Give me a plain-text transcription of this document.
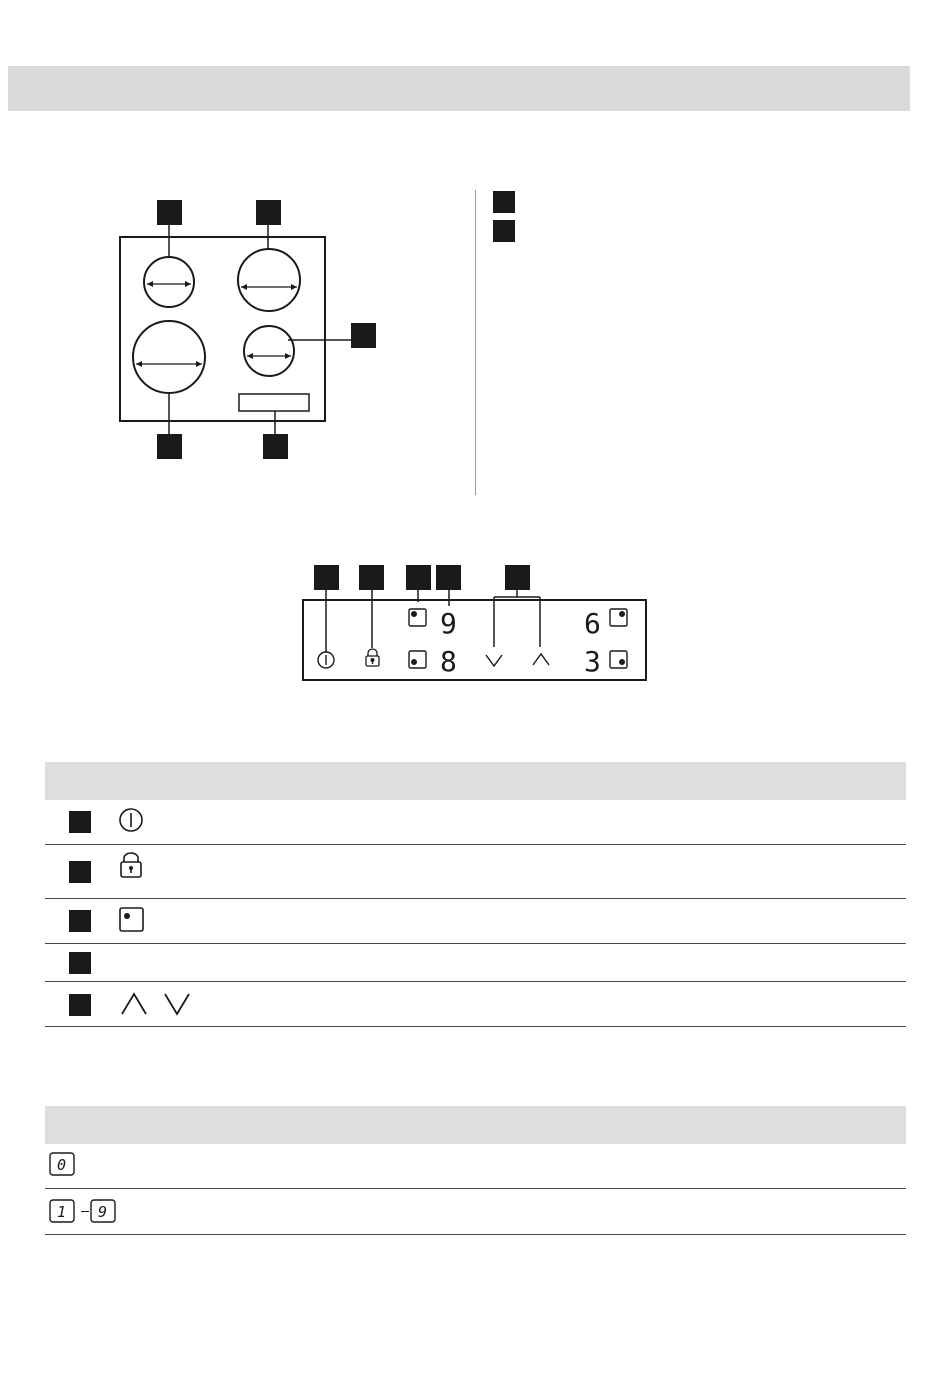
9
8
6
3
0
1 9
